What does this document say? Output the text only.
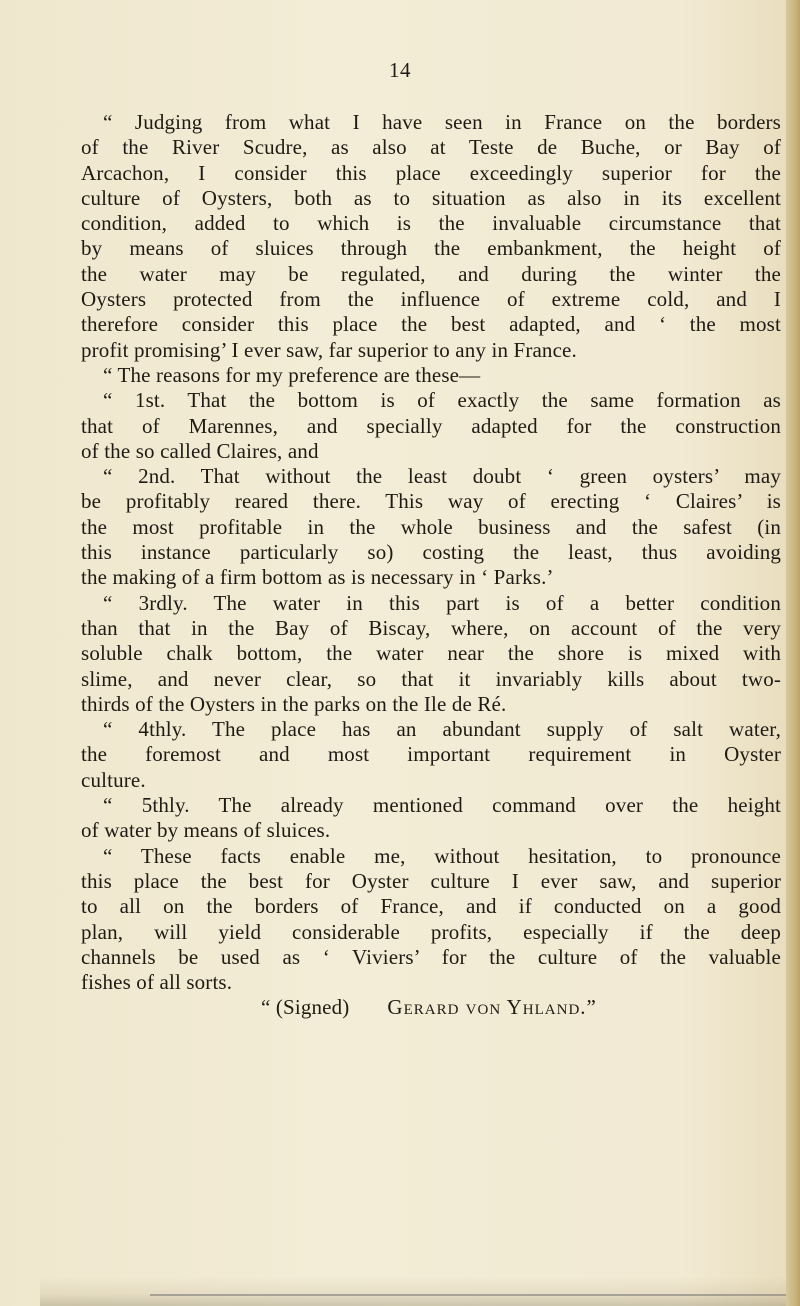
14
“ Judging from what I have seen in France on the borders
of the River Scudre, as also at Teste de Buche, or Bay of
Arcachon, I consider this place exceedingly superior for the
culture of Oysters, both as to situation as also in its excellent
condition, added to which is the invaluable circumstance that
by means of sluices through the embankment, the height of
the water may be regulated, and during the winter the
Oysters protected from the influence of extreme cold, and I
therefore consider this place the best adapted, and ‘ the most
profit promising’ I ever saw, far superior to any in France.
“ The reasons for my preference are these—
“ 1st. That the bottom is of exactly the same formation as
that of Marennes, and specially adapted for the construction
of the so called Claires, and
“ 2nd. That without the least doubt ‘ green oysters’ may
be profitably reared there. This way of erecting ‘ Claires’ is
the most profitable in the whole business and the safest (in
this instance particularly so) costing the least, thus avoiding
the making of a firm bottom as is necessary in ‘ Parks.’
“ 3rdly. The water in this part is of a better condition
than that in the Bay of Biscay, where, on account of the very
soluble chalk bottom, the water near the shore is mixed with
slime, and never clear, so that it invariably kills about two-
thirds of the Oysters in the parks on the Ile de Ré.
“ 4thly. The place has an abundant supply of salt water,
the foremost and most important requirement in Oyster
culture.
“ 5thly. The already mentioned command over the height
of water by means of sluices.
“ These facts enable me, without hesitation, to pronounce
this place the best for Oyster culture I ever saw, and superior
to all on the borders of France, and if conducted on a good
plan, will yield considerable profits, especially if the deep
channels be used as ‘ Viviers’ for the culture of the valuable
fishes of all sorts.
“ (Signed) Gerard von Yhland.”
